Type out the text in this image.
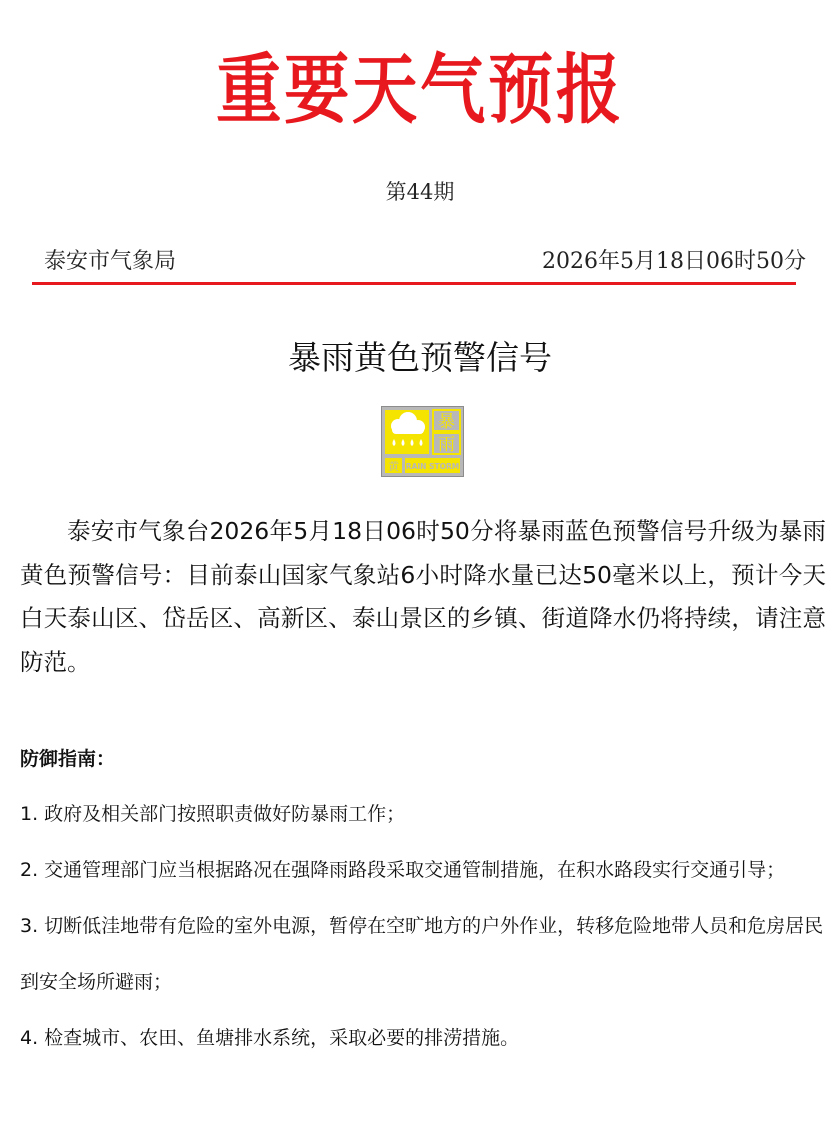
重要天气预报
第44期
泰安市气象局	2026年5月18日06时50分
暴雨黄色预警信号
暴
雨
黄 RAIN STORM
泰安市气象台2026年5月18日06时50分将暴雨蓝色预警信号升级为暴雨黄色预警信号：目前泰山国家气象站6小时降水量已达50毫米以上，预计今天白天泰山区、岱岳区、高新区、泰山景区的乡镇、街道降水仍将持续，请注意防范。
防御指南：
1. 政府及相关部门按照职责做好防暴雨工作；
2. 交通管理部门应当根据路况在强降雨路段采取交通管制措施，在积水路段实行交通引导；
3. 切断低洼地带有危险的室外电源，暂停在空旷地方的户外作业，转移危险地带人员和危房居民到安全场所避雨；
4. 检查城市、农田、鱼塘排水系统，采取必要的排涝措施。
